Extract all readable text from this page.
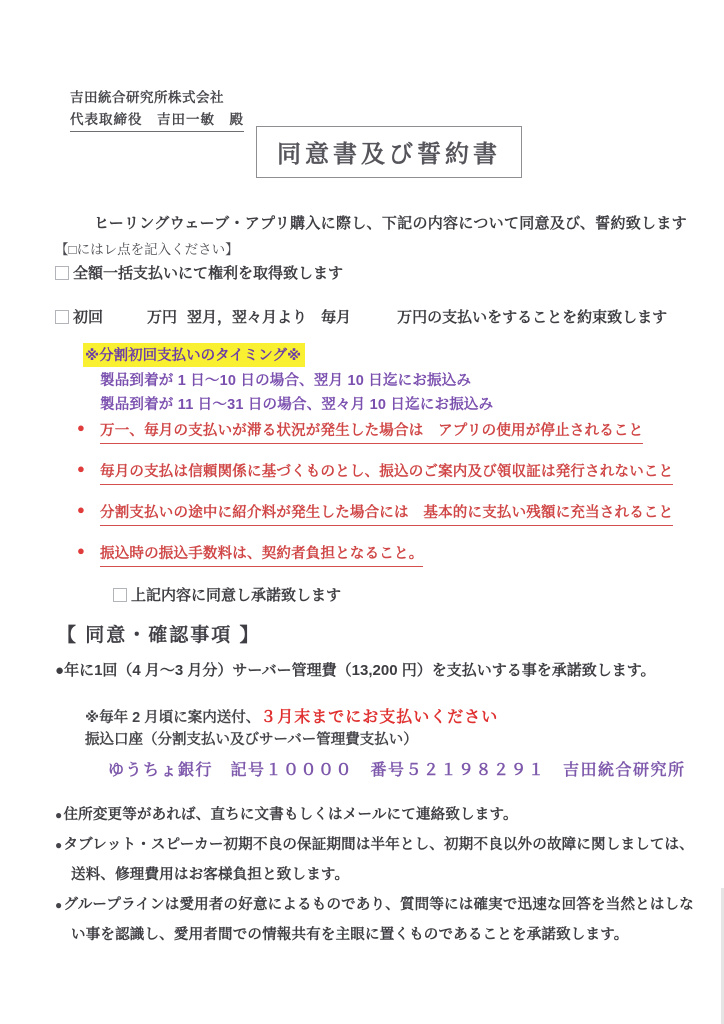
吉田統合研究所株式会社
代表取締役　吉田一敏　殿
同意書及び誓約書
ヒーリングウェーブ・アプリ購入に際し、下記の内容について同意及び、誓約致します
【□にはレ点を記入ください】
全額一括支払いにて権利を取得致します
初回	万円 翌月，翌々月より 毎月	万円の支払いをすることを約束致します
※分割初回支払いのタイミング※
製品到着が 1 日～10 日の場合、翌月 10 日迄にお振込み
製品到着が 11 日～31 日の場合、翌々月 10 日迄にお振込み
● 万一、毎月の支払いが滞る状況が発生した場合は　アプリの使用が停止されること
● 毎月の支払は信頼関係に基づくものとし、振込のご案内及び領収証は発行されないこと
● 分割支払いの途中に紹介料が発生した場合には　基本的に支払い残額に充当されること
● 振込時の振込手数料は、契約者負担となること。
上記内容に同意し承諾致します
【 同意・確認事項 】
●年に1回（4 月～3 月分）サーバー管理費（13,200 円）を支払いする事を承諾致します。
※毎年 2 月頃に案内送付、３月末までにお支払いください
振込口座（分割支払い及びサーバー管理費支払い）
ゆうちょ銀行　記号１００００　番号５２１９８２９１　吉田統合研究所

●住所変更等があれば、直ちに文書もしくはメールにて連絡致します。

●タブレット・スピーカー初期不良の保証期間は半年とし、初期不良以外の故障に関しましては、送料、修理費用はお客様負担と致します。

●グループラインは愛用者の好意によるものであり、質問等には確実で迅速な回答を当然とはしない事を認識し、愛用者間での情報共有を主眼に置くものであることを承諾致します。
